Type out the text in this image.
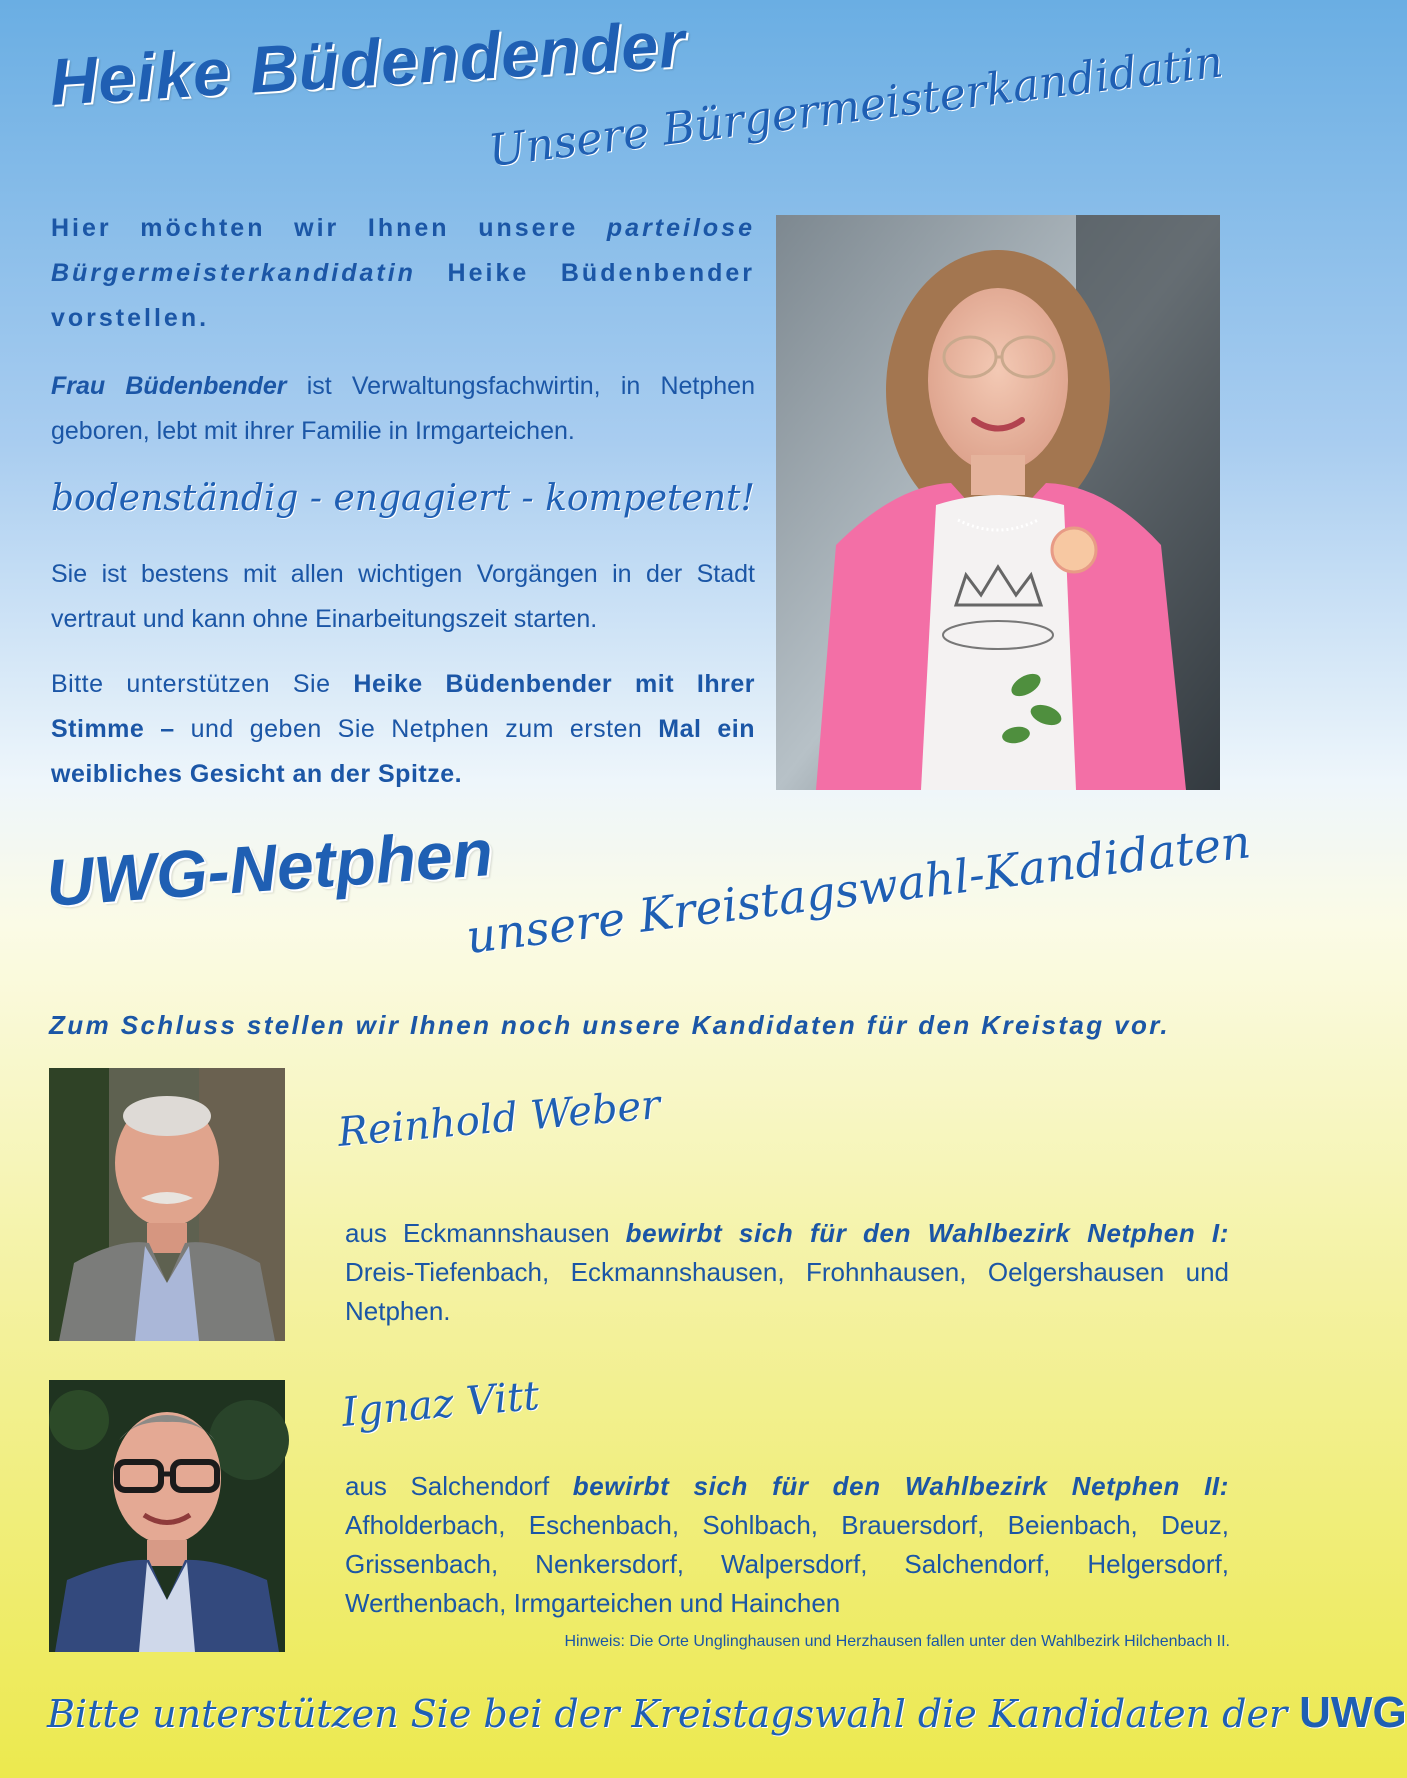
Heike Büdendender
Unsere Bürgermeisterkandidatin
Hier möchten wir Ihnen unsere parteilose Bürgermeisterkandidatin Heike Büdenbender vorstellen.
Frau Büdenbender ist Verwaltungsfachwirtin, in Netphen geboren, lebt mit ihrer Familie in Irmgarteichen.
bodenständig - engagiert - kompetent!
Sie ist bestens mit allen wichtigen Vorgängen in der Stadt vertraut und kann ohne Einarbeitungszeit starten.
Bitte unterstützen Sie Heike Büdenbender mit Ihrer Stimme – und geben Sie Netphen zum ersten Mal ein weibliches Gesicht an der Spitze.
UWG-Netphen
unsere Kreistagswahl-Kandidaten
Zum Schluss stellen wir Ihnen noch unsere Kandidaten für den Kreistag vor.
Reinhold Weber
aus Eckmannshausen bewirbt sich für den Wahlbezirk Netphen I: Dreis-Tiefenbach, Eckmannshausen, Frohnhausen, Oelgershausen und Netphen.
Ignaz Vitt
aus Salchendorf bewirbt sich für den Wahlbezirk Netphen II: Afholderbach, Eschenbach, Sohlbach, Brauersdorf, Beienbach, Deuz, Grissenbach, Nenkersdorf, Walpersdorf, Salchendorf, Helgersdorf, Werthenbach, Irmgarteichen und Hainchen
Hinweis: Die Orte Unglinghausen und Herzhausen fallen unter den Wahlbezirk Hilchenbach II.
Bitte unterstützen Sie bei der Kreistagswahl die Kandidaten der UWG
